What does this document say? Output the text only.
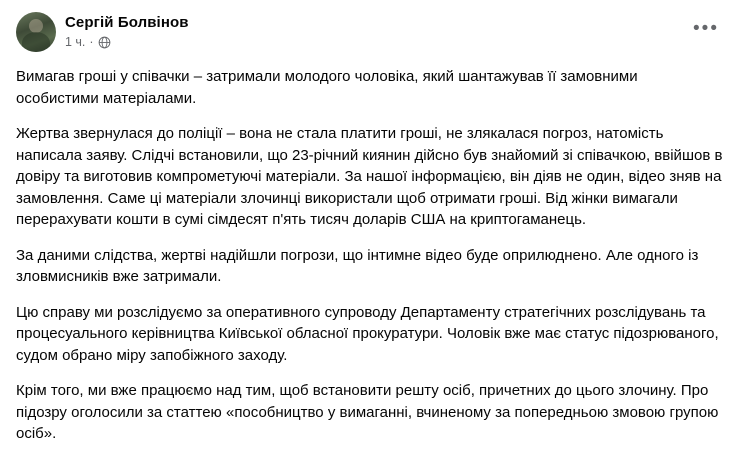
Сергій Болвінов
1 ч. ·
•••

Вимагав гроші у співачки – затримали молодого чоловіка, який шантажував її замовними особистими матеріалами.

Жертва звернулася до поліції – вона не стала платити гроші, не злякалася погроз, натомість написала заяву. Слідчі встановили, що 23-річний киянин дійсно був знайомий зі співачкою, ввійшов в довіру та виготовив компрометуючі матеріали. За нашої інформацією, він діяв не один, відео зняв на замовлення. Саме ці матеріали злочинці використали щоб отримати гроші. Від жінки вимагали перерахувати кошти в сумі сімдесят п'ять тисяч доларів США на криптогаманець.

За даними слідства, жертві надійшли погрози, що інтимне відео буде оприлюднено. Але одного із зловмисників вже затримали.

Цю справу ми розслідуємо за оперативного супроводу Департаменту стратегічних розслідувань та процесуального керівництва Київської обласної прокуратури. Чоловік вже має статус підозрюваного, судом обрано міру запобіжного заходу.

Крім того, ми вже працюємо над тим, щоб встановити решту осіб, причетних до цього злочину. Про підозру оголосили за статтею «пособництво у вимаганні, вчиненому за попередньою змовою групою осіб».
